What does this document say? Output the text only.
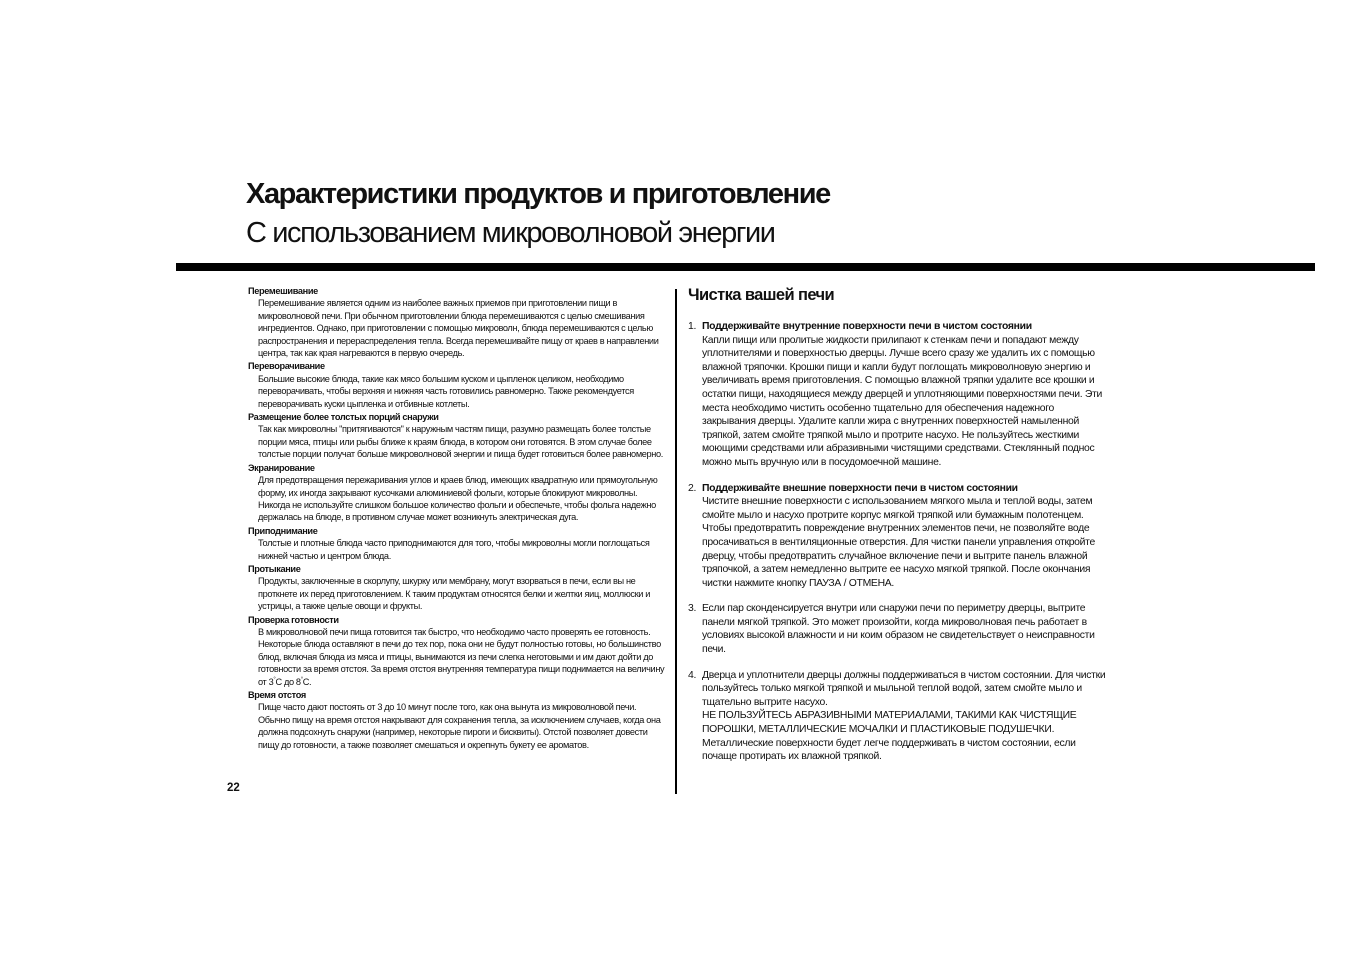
Характеристики продуктов и приготовление
С использованием микроволновой энергии

Перемешивание

Перемешивание является одним из наиболее важных приемов при приготовлении пищи в микроволновой печи. При обычном приготовлении блюда перемешиваются с целью смешивания ингредиентов. Однако, при приготовлении с помощью микроволн, блюда перемешиваются с целью распространения и перераспределения тепла. Всегда перемешивайте пищу от краев в направлении центра, так как края нагреваются в первую очередь.

Переворачивание

Большие высокие блюда, такие как мясо большим куском и цыпленок целиком, необходимо переворачивать, чтобы верхняя и нижняя часть готовились равномерно. Также рекомендуется переворачивать куски цыпленка и отбивные котлеты.

Размещение более толстых порций снаружи

Так как микроволны "притягиваются" к наружным частям пищи, разумно размещать более толстые порции мяса, птицы или рыбы ближе к краям блюда, в котором они готовятся. В этом случае более толстые порции получат больше микроволновой энергии и пища будет готовиться более равномерно.

Экранирование

Для предотвращения пережаривания углов и краев блюд, имеющих квадратную или прямоугольную форму, их иногда закрывают кусочками алюминиевой фольги, которые блокируют микроволны. Никогда не используйте слишком большое количество фольги и обеспечьте, чтобы фольга надежно держалась на блюде, в противном случае может возникнуть электрическая дуга.

Приподнимание

Толстые и плотные блюда часто приподнимаются для того, чтобы микроволны могли поглощаться нижней частью и центром блюда.

Протыкание

Продукты, заключенные в скорлупу, шкурку или мембрану, могут взорваться в печи, если вы не проткнете их перед приготовлением. К таким продуктам относятся белки и желтки яиц, моллюски и устрицы, а также целые овощи и фрукты.

Проверка готовности

В микроволновой печи пища готовится так быстро, что необходимо часто проверять ее готовность. Некоторые блюда оставляют в печи до тех пор, пока они не будут полностью готовы, но большинство блюд, включая блюда из мяса и птицы, вынимаются из печи слегка неготовыми и им дают дойти до готовности за время отстоя. За время отстоя внутренняя температура пищи поднимается на величину от 3°С до 8°С.

Время отстоя

Пище часто дают постоять от 3 до 10 минут после того, как она вынута из микроволновой печи. Обычно пищу на время отстоя накрывают для сохранения тепла, за исключением случаев, когда она должна подсохнуть снаружи (например, некоторые пироги и бисквиты). Отстой позволяет довести пищу до готовности, а также позволяет смешаться и окрепнуть букету ее ароматов.

22
Чистка вашей печи
1. Поддерживайте внутренние поверхности печи в чистом состоянии

Капли пищи или пролитые жидкости прилипают к стенкам печи и попадают между уплотнителями и поверхностью дверцы. Лучше всего сразу же удалить их с помощью влажной тряпочки. Крошки пищи и капли будут поглощать микроволновую энергию и увеличивать время приготовления. С помощью влажной тряпки удалите все крошки и остатки пищи, находящиеся между дверцей и уплотняющими поверхностями печи. Эти места необходимо чистить особенно тщательно для обеспечения надежного закрывания дверцы. Удалите капли жира с внутренних поверхностей намыленной тряпкой, затем смойте тряпкой мыло и протрите насухо. Не пользуйтесь жесткими моющими средствами или абразивными чистящими средствами. Стеклянный поднос можно мыть вручную или в посудомоечной машине.

2. Поддерживайте внешние поверхности печи в чистом состоянии

Чистите внешние поверхности с использованием мягкого мыла и теплой воды, затем смойте мыло и насухо протрите корпус мягкой тряпкой или бумажным полотенцем. Чтобы предотвратить повреждение внутренних элементов печи, не позволяйте воде просачиваться в вентиляционные отверстия. Для чистки панели управления откройте дверцу, чтобы предотвратить случайное включение печи и вытрите панель влажной тряпочкой, а затем немедленно вытрите ее насухо мягкой тряпкой. После окончания чистки нажмите кнопку ПАУЗА / ОТМЕНА.

3. Если пар сконденсируется внутри или снаружи печи по периметру дверцы, вытрите панели мягкой тряпкой. Это может произойти, когда микроволновая печь работает в условиях высокой влажности и ни коим образом не свидетельствует о неисправности печи.

4. Дверца и уплотнители дверцы должны поддерживаться в чистом состоянии. Для чистки пользуйтесь только мягкой тряпкой и мыльной теплой водой, затем смойте мыло и тщательно вытрите насухо.

НЕ ПОЛЬЗУЙТЕСЬ АБРАЗИВНЫМИ МАТЕРИАЛАМИ, ТАКИМИ КАК ЧИСТЯЩИЕ ПОРОШКИ, МЕТАЛЛИЧЕСКИЕ МОЧАЛКИ И ПЛАСТИКОВЫЕ ПОДУШЕЧКИ. Металлические поверхности будет легче поддерживать в чистом состоянии, если почаще протирать их влажной тряпкой.
